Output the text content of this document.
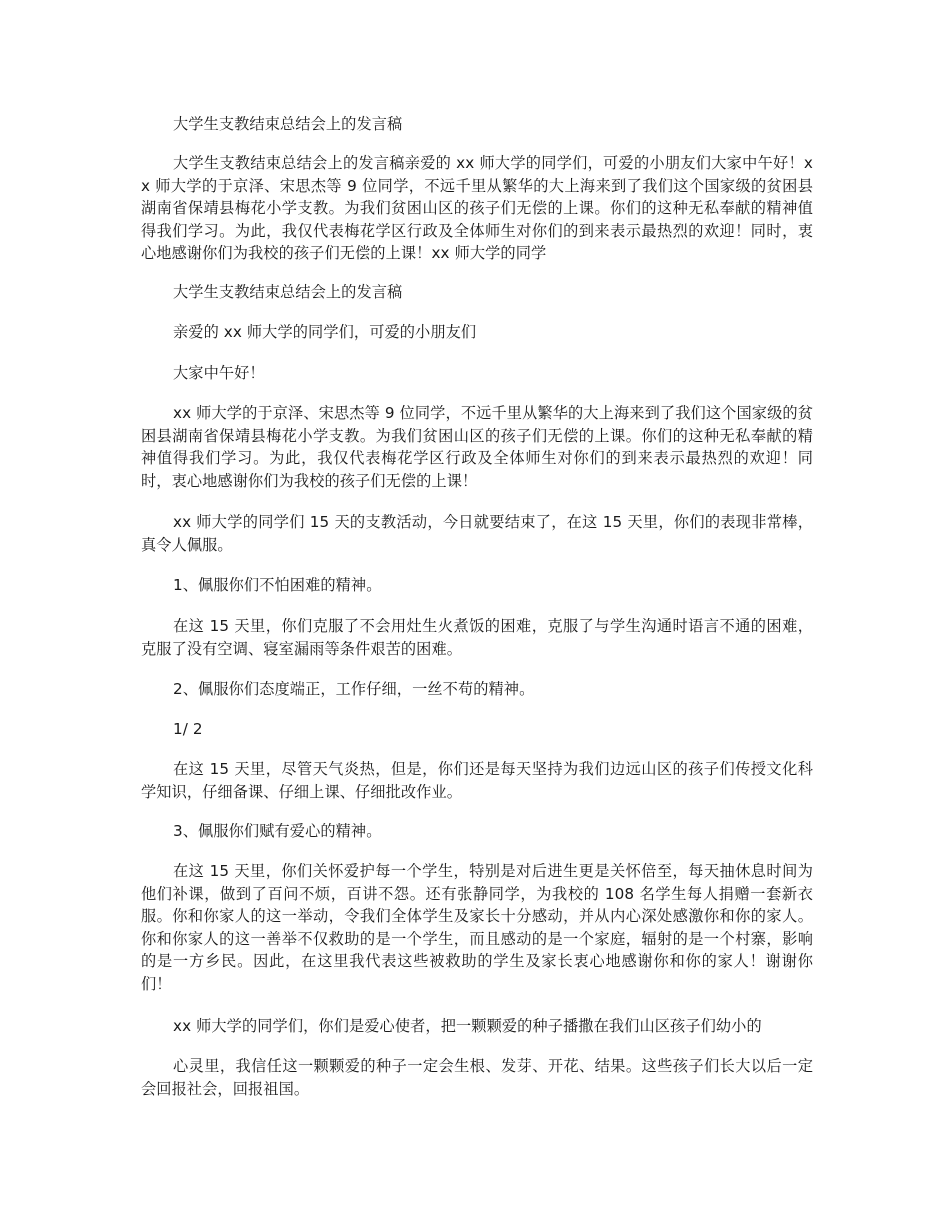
大学生支教结束总结会上的发言稿

大学生支教结束总结会上的发言稿亲爱的 xx 师大学的同学们，可爱的小朋友们大家中午好！xx 师大学的于京泽、宋思杰等 9 位同学，不远千里从繁华的大上海来到了我们这个国家级的贫困县湖南省保靖县梅花小学支教。为我们贫困山区的孩子们无偿的上课。你们的这种无私奉献的精神值得我们学习。为此，我仅代表梅花学区行政及全体师生对你们的到来表示最热烈的欢迎！同时，衷心地感谢你们为我校的孩子们无偿的上课！xx 师大学的同学

大学生支教结束总结会上的发言稿

亲爱的 xx 师大学的同学们，可爱的小朋友们

大家中午好！

xx 师大学的于京泽、宋思杰等 9 位同学，不远千里从繁华的大上海来到了我们这个国家级的贫困县湖南省保靖县梅花小学支教。为我们贫困山区的孩子们无偿的上课。你们的这种无私奉献的精神值得我们学习。为此，我仅代表梅花学区行政及全体师生对你们的到来表示最热烈的欢迎！同时，衷心地感谢你们为我校的孩子们无偿的上课！

xx 师大学的同学们 15 天的支教活动，今日就要结束了，在这 15 天里，你们的表现非常棒，真令人佩服。

1、佩服你们不怕困难的精神。

在这 15 天里，你们克服了不会用灶生火煮饭的困难，克服了与学生沟通时语言不通的困难，克服了没有空调、寝室漏雨等条件艰苦的困难。

2、佩服你们态度端正，工作仔细，一丝不苟的精神。

1/ 2

在这 15 天里，尽管天气炎热，但是，你们还是每天坚持为我们边远山区的孩子们传授文化科学知识，仔细备课、仔细上课、仔细批改作业。

3、佩服你们赋有爱心的精神。

在这 15 天里，你们关怀爱护每一个学生，特别是对后进生更是关怀倍至，每天抽休息时间为他们补课，做到了百问不烦，百讲不怨。还有张静同学，为我校的 108 名学生每人捐赠一套新衣服。你和你家人的这一举动，令我们全体学生及家长十分感动，并从内心深处感激你和你的家人。你和你家人的这一善举不仅救助的是一个学生，而且感动的是一个家庭，辐射的是一个村寨，影响的是一方乡民。因此，在这里我代表这些被救助的学生及家长衷心地感谢你和你的家人！谢谢你们！

xx 师大学的同学们，你们是爱心使者，把一颗颗爱的种子播撒在我们山区孩子们幼小的

心灵里，我信任这一颗颗爱的种子一定会生根、发芽、开花、结果。这些孩子们长大以后一定会回报社会，回报祖国。
